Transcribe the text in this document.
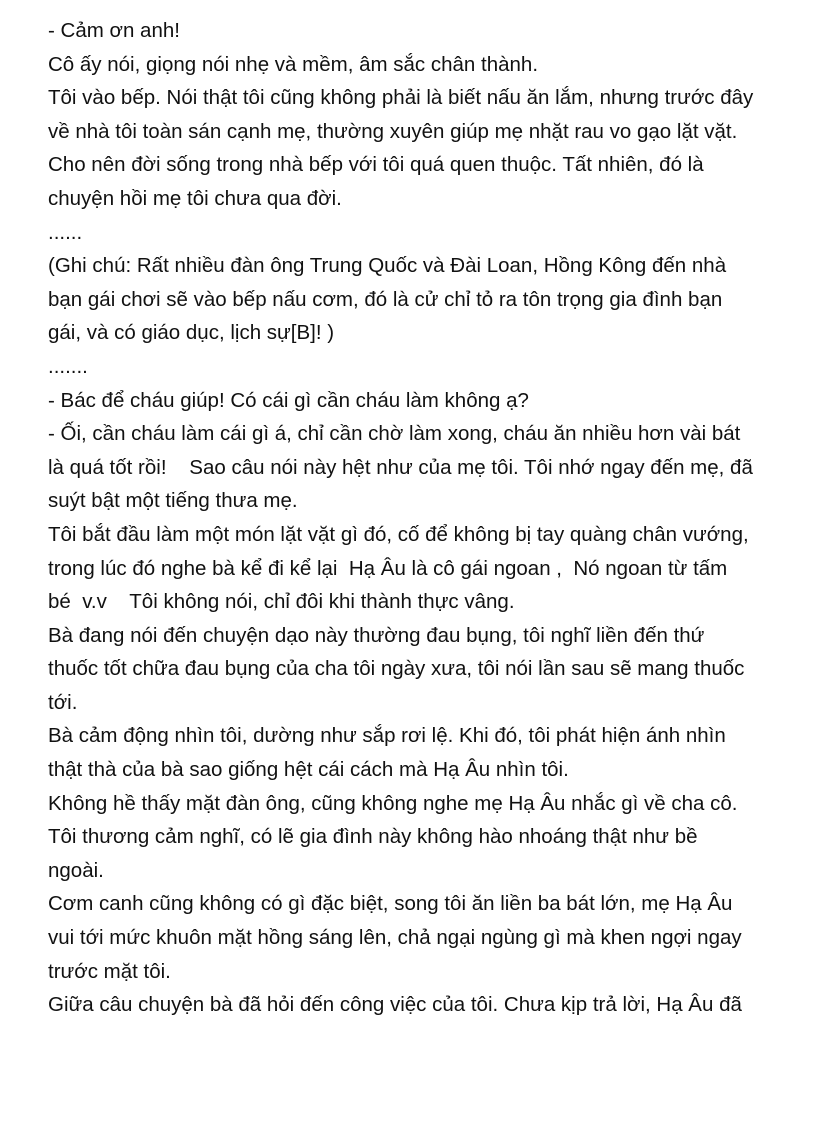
- Cảm ơn anh!
Cô ấy nói, giọng nói nhẹ và mềm, âm sắc chân thành.
Tôi vào bếp. Nói thật tôi cũng không phải là biết nấu ăn lắm, nhưng trước đây
về nhà tôi toàn sán cạnh mẹ, thường xuyên giúp mẹ nhặt rau vo gạo lặt vặt.
Cho nên đời sống trong nhà bếp với tôi quá quen thuộc. Tất nhiên, đó là
chuyện hồi mẹ tôi chưa qua đời.
......
(Ghi chú: Rất nhiều đàn ông Trung Quốc và Đài Loan, Hồng Kông đến nhà
bạn gái chơi sẽ vào bếp nấu cơm, đó là cử chỉ tỏ ra tôn trọng gia đình bạn
gái, và có giáo dục, lịch sự[B]! )
.......
- Bác để cháu giúp! Có cái gì cần cháu làm không ạ?
- Ối, cần cháu làm cái gì á, chỉ cần chờ làm xong, cháu ăn nhiều hơn vài bát
là quá tốt rồi!    Sao câu nói này hệt như của mẹ tôi. Tôi nhớ ngay đến mẹ, đã
suýt bật một tiếng thưa mẹ.
Tôi bắt đầu làm một món lặt vặt gì đó, cố để không bị tay quàng chân vướng,
trong lúc đó nghe bà kể đi kể lại  Hạ Âu là cô gái ngoan ,  Nó ngoan từ tấm
bé  v.v    Tôi không nói, chỉ đôi khi thành thực vâng.
Bà đang nói đến chuyện dạo này thường đau bụng, tôi nghĩ liền đến thứ
thuốc tốt chữa đau bụng của cha tôi ngày xưa, tôi nói lần sau sẽ mang thuốc
tới.
Bà cảm động nhìn tôi, dường như sắp rơi lệ. Khi đó, tôi phát hiện ánh nhìn
thật thà của bà sao giống hệt cái cách mà Hạ Âu nhìn tôi.
Không hề thấy mặt đàn ông, cũng không nghe mẹ Hạ Âu nhắc gì về cha cô.
Tôi thương cảm nghĩ, có lẽ gia đình này không hào nhoáng thật như bề
ngoài.
Cơm canh cũng không có gì đặc biệt, song tôi ăn liền ba bát lớn, mẹ Hạ Âu
vui tới mức khuôn mặt hồng sáng lên, chả ngại ngùng gì mà khen ngợi ngay
trước mặt tôi.
Giữa câu chuyện bà đã hỏi đến công việc của tôi. Chưa kịp trả lời, Hạ Âu đã
